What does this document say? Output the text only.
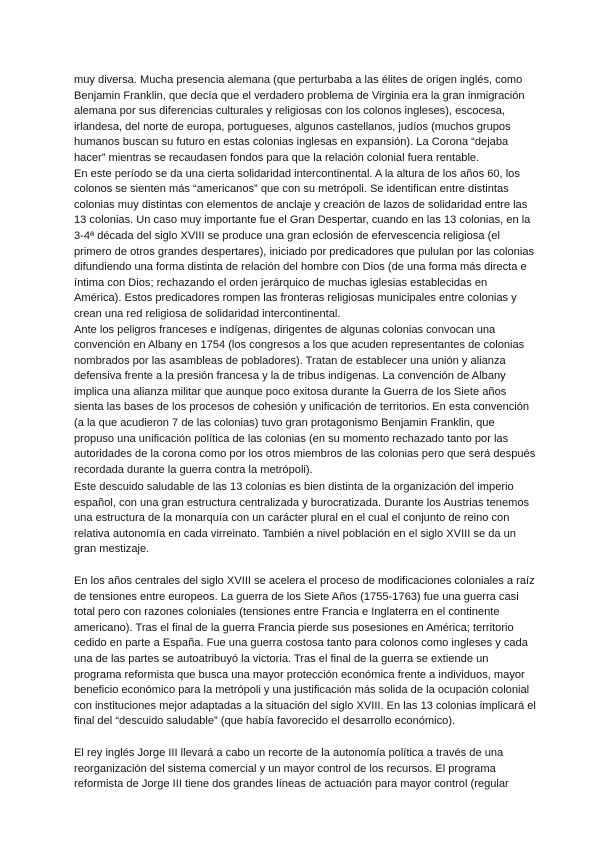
muy diversa. Mucha presencia alemana (que perturbaba a las élites de origen inglés, como Benjamin Franklin, que decía que el verdadero problema de Virginia era la gran inmigración alemana por sus diferencias culturales y religiosas con los colonos ingleses), escocesa, irlandesa, del norte de europa, portugueses, algunos castellanos, judíos (muchos grupos humanos buscan su futuro en estas colonias inglesas en expansión). La Corona “dejaba hacer” mientras se recaudasen fondos para que la relación colonial fuera rentable.

En este período se da una cierta solidaridad intercontinental. A la altura de los años 60, los colonos se sienten más “americanos” que con su metrópoli. Se identifican entre distintas colonias muy distintas con elementos de anclaje y creación de lazos de solidaridad entre las 13 colonias. Un caso muy importante fue el Gran Despertar, cuando en las 13 colonias, en la 3-4ª década del siglo XVIII se produce una gran eclosión de efervescencia religiosa (el primero de otros grandes despertares), iniciado por predicadores que pululan por las colonias difundiendo una forma distinta de relación del hombre con Dios (de una forma más directa e íntima con Dios; rechazando el orden jerárquico de muchas iglesias establecidas en América). Estos predicadores rompen las fronteras religiosas municipales entre colonias y crean una red religiosa de solidaridad intercontinental.

Ante los peligros franceses e indígenas, dirigentes de algunas colonias convocan una convención en Albany en 1754 (los congresos a los que acuden representantes de colonias nombrados por las asambleas de pobladores). Tratan de establecer una unión y alianza defensiva frente a la presión francesa y la de tribus indígenas. La convención de Albany implica una alianza militar que aunque poco exitosa durante la Guerra de los Siete años sienta las bases de los procesos de cohesión y unificación de territorios. En esta convención (a la que acudieron 7 de las colonias) tuvo gran protagonismo Benjamin Franklin, que propuso una unificación política de las colonias (en su momento rechazado tanto por las autoridades de la corona como por los otros miembros de las colonias pero que será después recordada durante la guerra contra la metrópoli).

Este descuido saludable de las 13 colonias es bien distinta de la organización del imperio español, con una gran estructura centralizada y burocratizada. Durante los Austrias tenemos una estructura de la monarquía con un carácter plural en el cual el conjunto de reino con relativa autonomía en cada virreinato. También a nivel población en el siglo XVIII se da un gran mestizaje.

En los años centrales del siglo XVIII se acelera el proceso de modificaciones coloniales a raíz de tensiones entre europeos. La guerra de los Siete Años (1755-1763) fue una guerra casi total pero con razones coloniales (tensiones entre Francia e Inglaterra en el continente americano). Tras el final de la guerra Francia pierde sus posesiones en América; territorio cedido en parte a España. Fue una guerra costosa tanto para colonos como ingleses y cada una de las partes se autoatribuyó la victoria. Tras el final de la guerra se extiende un programa reformista que busca una mayor protección económica frente a individuos, mayor beneficio económico para la metrópoli y una justificación más solida de la ocupación colonial con instituciones mejor adaptadas a la situación del siglo XVIII. En las 13 colonias implicará el final del “descuido saludable” (que había favorecido el desarrollo económico).

El rey inglés Jorge III llevará a cabo un recorte de la autonomía política a través de una reorganización del sistema comercial y un mayor control de los recursos. El programa reformista de Jorge III tiene dos grandes líneas de actuación para mayor control (regular
